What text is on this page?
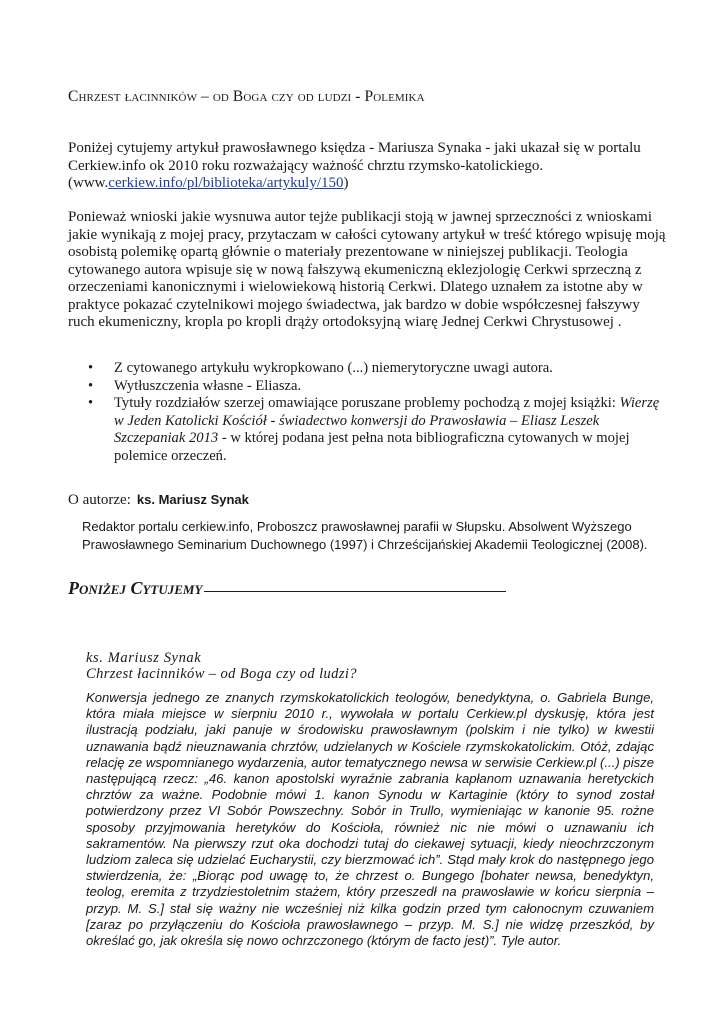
Chrzest łacinników – od Boga czy od ludzi - Polemika
Poniżej cytujemy artykuł prawosławnego księdza - Mariusza Synaka - jaki ukazał się w portalu Cerkiew.info ok 2010 roku rozważający ważność chrztu rzymsko-katolickiego. (www.cerkiew.info/pl/biblioteka/artykuly/150)
Ponieważ wnioski jakie wysnuwa autor tejże publikacji stoją w jawnej sprzeczności z wnioskami jakie wynikają z mojej pracy, przytaczam w całości cytowany artykuł w treść którego wpisuję moją osobistą polemikę opartą głównie o materiały prezentowane w niniejszej publikacji. Teologia cytowanego autora wpisuje się w nową fałszywą ekumeniczną eklezjologię Cerkwi sprzeczną z orzeczeniami kanonicznymi i wielowiekową historią Cerkwi. Dlatego uznałem za istotne aby w praktyce pokazać czytelnikowi mojego świadectwa, jak bardzo w dobie współczesnej fałszywy ruch ekumeniczny, kropla po kropli drąży ortodoksyjną wiarę Jednej Cerkwi Chrystusowej .
• Z cytowanego artykułu wykropkowano (...) niemerytoryczne uwagi autora.
• Wytłuszczenia własne - Eliasza.
• Tytuły rozdziałów szerzej omawiające poruszane problemy pochodzą z mojej książki: Wierzę w Jeden Katolicki Kościół - świadectwo konwersji do Prawosławia – Eliasz Leszek Szczepaniak 2013 - w której podana jest pełna nota bibliograficzna cytowanych w mojej polemice orzeczeń.
O autorze: ks. Mariusz Synak
Redaktor portalu cerkiew.info, Proboszcz prawosławnej parafii w Słupsku. Absolwent Wyższego Prawosławnego Seminarium Duchownego (1997) i Chrześcijańskiej Akademii Teologicznej (2008).
Poniżej Cytujemy
ks. Mariusz Synak
Chrzest łacinników – od Boga czy od ludzi?
Konwersja jednego ze znanych rzymskokatolickich teologów, benedyktyna, o. Gabriela Bunge, która miała miejsce w sierpniu 2010 r., wywołała w portalu Cerkiew.pl dyskusję, która jest ilustracją podziału, jaki panuje w środowisku prawosławnym (polskim i nie tylko) w kwestii uznawania bądź nieuznawania chrztów, udzielanych w Kościele rzymskokatolickim. Otóż, zdając relację ze wspomnianego wydarzenia, autor tematycznego newsa w serwisie Cerkiew.pl (...) pisze następującą rzecz: „46. kanon apostolski wyraźnie zabrania kapłanom uznawania heretyckich chrztów za ważne. Podobnie mówi 1. kanon Synodu w Kartaginie (który to synod został potwierdzony przez VI Sobór Powszechny. Sobór in Trullo, wymieniając w kanonie 95. rożne sposoby przyjmowania heretyków do Kościoła, również nic nie mówi o uznawaniu ich sakramentów. Na pierwszy rzut oka dochodzi tutaj do ciekawej sytuacji, kiedy nieochrzczonym ludziom zaleca się udzielać Eucharystii, czy bierzmować ich”. Stąd mały krok do następnego jego stwierdzenia, że: „Biorąc pod uwagę to, że chrzest o. Bungego [bohater newsa, benedyktyn, teolog, eremita z trzydziestoletnim stażem, który przeszedł na prawosławie w końcu sierpnia – przyp. M. S.] stał się ważny nie wcześniej niż kilka godzin przed tym całonocnym czuwaniem [zaraz po przyłączeniu do Kościoła prawosławnego – przyp. M. S.] nie widzę przeszkód, by określać go, jak określa się nowo ochrzczonego (którym de facto jest)”. Tyle autor.
